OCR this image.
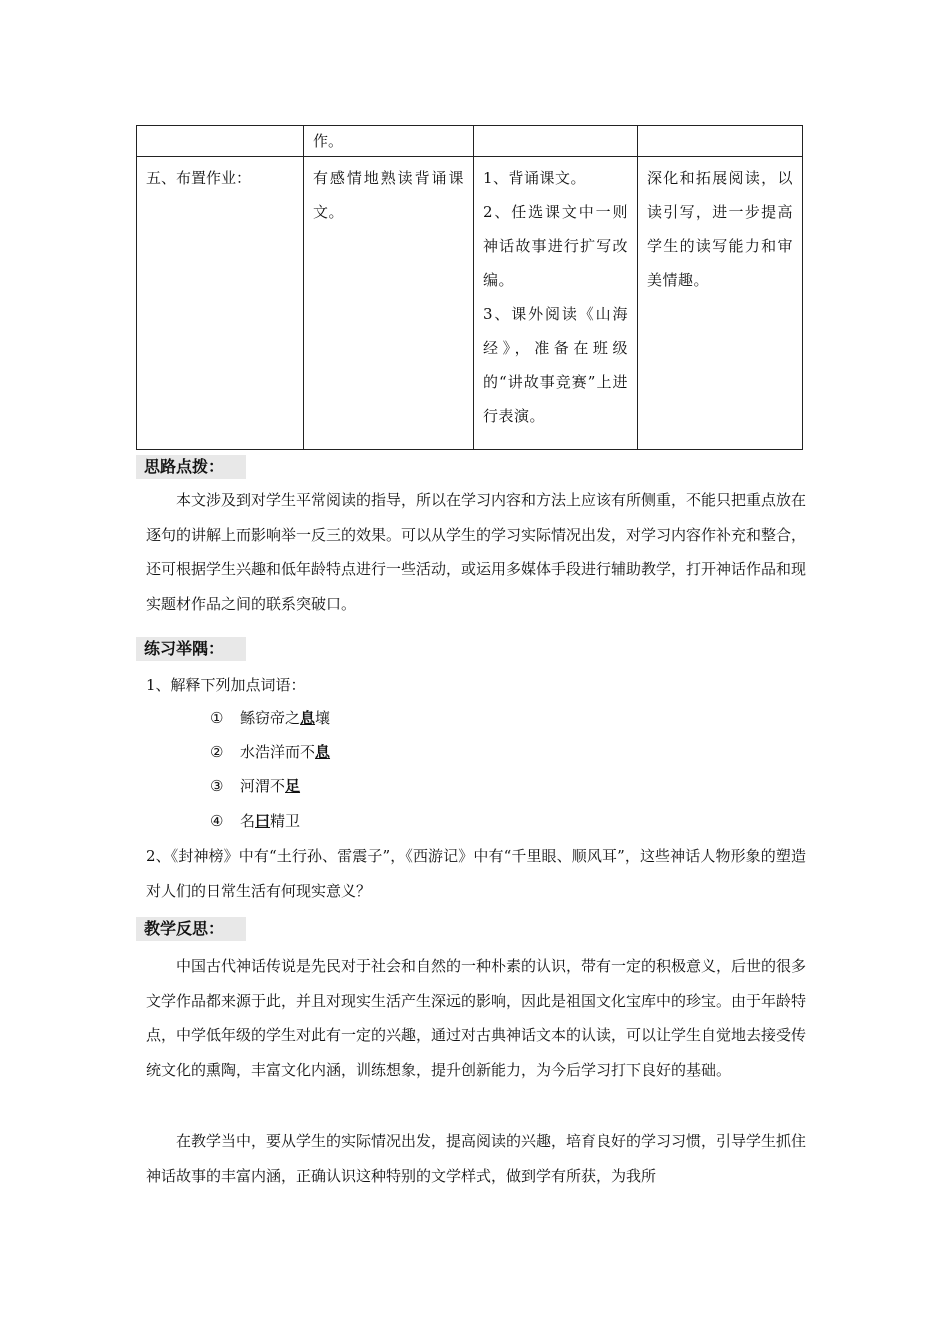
	作。		
五、布置作业：	有感情地熟读背诵课文。	1、背诵课文。
2、任选课文中一则神话故事进行扩写改编。
3、课外阅读《山海经》，准备在班级的“讲故事竞赛”上进行表演。	深化和拓展阅读，以读引写，进一步提高学生的读写能力和审美情趣。
思路点拨：
本文涉及到对学生平常阅读的指导，所以在学习内容和方法上应该有所侧重，不能只把重点放在逐句的讲解上而影响举一反三的效果。可以从学生的学习实际情况出发，对学习内容作补充和整合，还可根据学生兴趣和低年龄特点进行一些活动，或运用多媒体手段进行辅助教学，打开神话作品和现实题材作品之间的联系突破口。
练习举隅：
1、解释下列加点词语：
① 鲧窃帝之息壤
② 水浩洋而不息
③ 河渭不足
④ 名曰精卫
2、《封神榜》中有“土行孙、雷震子”，《西游记》中有“千里眼、顺风耳”，这些神话人物形象的塑造对人们的日常生活有何现实意义？
教学反思：
中国古代神话传说是先民对于社会和自然的一种朴素的认识，带有一定的积极意义，后世的很多文学作品都来源于此，并且对现实生活产生深远的影响，因此是祖国文化宝库中的珍宝。由于年龄特点，中学低年级的学生对此有一定的兴趣，通过对古典神话文本的认读，可以让学生自觉地去接受传统文化的熏陶，丰富文化内涵，训练想象，提升创新能力，为今后学习打下良好的基础。
在教学当中，要从学生的实际情况出发，提高阅读的兴趣，培育良好的学习习惯，引导学生抓住神话故事的丰富内涵，正确认识这种特别的文学样式，做到学有所获，为我所
